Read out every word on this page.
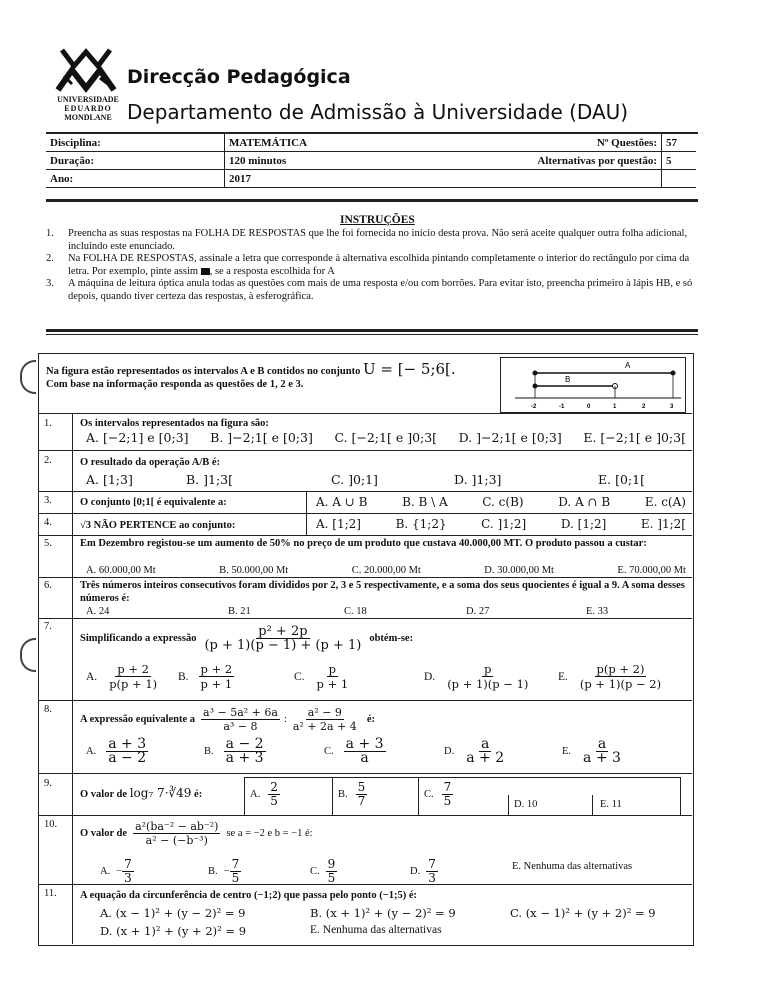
UNIVERSIDADE
EDUARDO
MONDLANE
Direcção Pedagógica
Departamento de Admissão à Universidade (DAU)
Disciplina:	MATEMÁTICA	Nº Questões:	57
Duração:	120 minutos	Alternativas por questão:	5
Ano:	2017		
INSTRUÇÕES
1.	Preencha as suas respostas na FOLHA DE RESPOSTAS que lhe foi fornecida no início desta prova. Não será aceite qualquer outra folha adicional, incluindo este enunciado.
2.	Na FOLHA DE RESPOSTAS, assinale a letra que corresponde à alternativa escolhida pintando completamente o interior do rectângulo por cima da letra. Por exemplo, pinte assim , se a resposta escolhida for A
3.	A máquina de leitura óptica anula todas as questões com mais de uma resposta e/ou com borrões. Para evitar isto, preencha primeiro à lápis HB, e só depois, quando tiver certeza das respostas, à esferográfica.
Na figura estão representados os intervalos A e B contidos no conjunto U = [− 5;6[.
Com base na informação responda as questões de 1, 2 e 3.
A
B
-2	-1	0	1	2	3
1.	Os intervalos representados na figura são:
A. [−2;1] e [0;3] B. ]−2;1[ e [0;3] C. [−2;1[ e ]0;3[ D. ]−2;1[ e [0;3] E. [−2;1[ e ]0;3[
2.	O resultado da operação A/B é:
A. [1;3]	B. ]1;3[	C. ]0;1]	D. ]1;3]	E. [0;1[
3.	O conjunto [0;1[ é equivalente a:	A. A ∪ B	B. B \ A	C. c(B)	D. A ∩ B	E. c(A)
4.	√3 NÃO PERTENCE ao conjunto:	A. [1;2]	B. {1;2}	C. ]1;2]	D. [1;2]	E. ]1;2[
5.	Em Dezembro registou-se um aumento de 50% no preço de um produto que custava 40.000,00 MT. O produto passou a custar:
A. 60.000,00 Mt	B. 50.000,00 Mt	C. 20.000,00 Mt	D. 30.000,00 Mt	E. 70.000,00 Mt
6.	Três números inteiros consecutivos foram divididos por 2, 3 e 5 respectivamente, e a soma dos seus quocientes é igual a 9. A soma desses números é:
A. 24	B. 21	C. 18	D. 27	E. 33
7.
Simplificando a expressão $\frac{\text{p² + 2p}}{(p + 1)(p - 1) + (p + 1)}$ obtém-se:
A. $\frac{p + 2}{p(p + 1)} B$. $\frac{p + 2}{p + 1}$	C. $\frac{p}{p + 1}$	D. $\frac{p}{(p + 1)(p - 1)} E$. $\frac{p(p + 2)}{(p + 1)(p - 2)}$
8.
A expressão equivalente a $\frac{\text{a³ − 5a² + 6a}}{\text{a³ − 8}}$ : $\frac{\text{a² − 9}}{\text{a² + 2a + 4}}$ é:
A. $\frac{a + 3}{a - 2}$	B. $\frac{a - 2}{a + 3}$	C. $\frac{a + 3}{a}$	D. $\frac{a}{a + 2}$	E. $\frac{a}{a + 3}$
9.
O valor de log₇ 7·∛49 é:	A. $\frac{2}{5}$	B. $\frac{5}{7}$	C. $\frac{7}{5}$	D. 10	E. 11
10.
O valor de $\frac{\text{a²(ba⁻² − ab⁻²)}}{\text{a² − (−b⁻³)}}$ se a = −2 e b = −1 é:
A. − $\frac{7}{3}$	B. − $\frac{7}{5}$	C. $\frac{9}{5}$	D. $\frac{7}{3}$	E. Nenhuma das alternativas
11. A equação da circunferência de centro (−1;2) que passa pelo ponto (−1;5) é:
A. (x − 1)² + (y − 2)² = 9	B. (x + 1)² + (y − 2)² = 9	C. (x − 1)² + (y + 2)² = 9
D. (x + 1)² + (y + 2)² = 9	E. Nenhuma das alternativas
